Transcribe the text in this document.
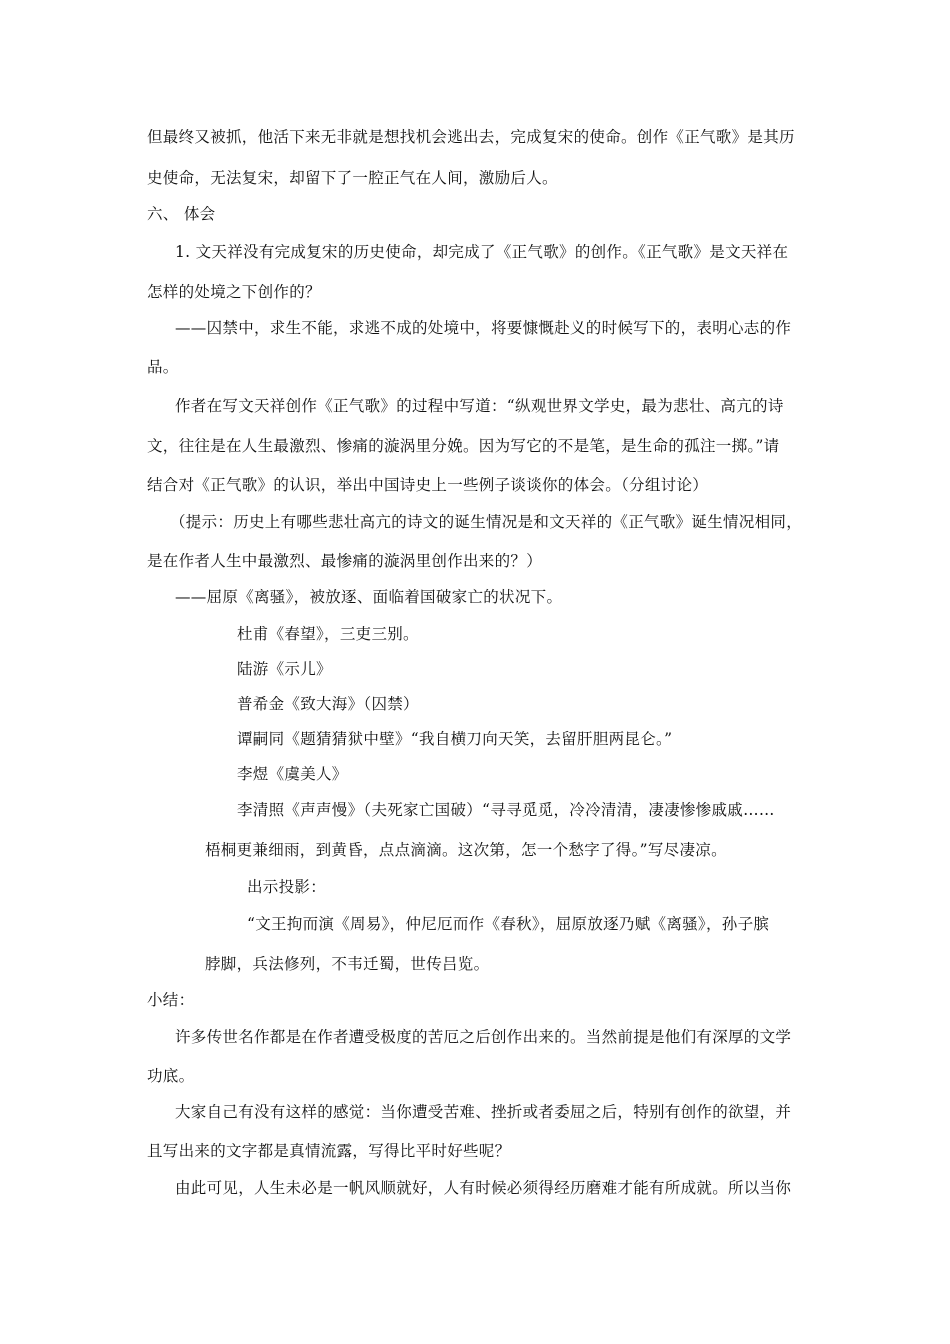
但最终又被抓，他活下来无非就是想找机会逃出去，完成复宋的使命。创作《正气歌》是其历
史使命，无法复宋，却留下了一腔正气在人间，激励后人。
六、 体会
1. 文天祥没有完成复宋的历史使命，却完成了《正气歌》的创作。《正气歌》是文天祥在
怎样的处境之下创作的？
——囚禁中，求生不能，求逃不成的处境中，将要慷慨赴义的时候写下的，表明心志的作
品。
作者在写文天祥创作《正气歌》的过程中写道：“纵观世界文学史，最为悲壮、高亢的诗
文，往往是在人生最激烈、惨痛的漩涡里分娩。因为写它的不是笔，是生命的孤注一掷。”请
结合对《正气歌》的认识，举出中国诗史上一些例子谈谈你的体会。（分组讨论）
（提示：历史上有哪些悲壮高亢的诗文的诞生情况是和文天祥的《正气歌》诞生情况相同，
是在作者人生中最激烈、最惨痛的漩涡里创作出来的？）
——屈原《离骚》，被放逐、面临着国破家亡的状况下。
杜甫《春望》，三吏三别。
陆游《示儿》
普希金《致大海》（囚禁）
谭嗣同《题猜猜狱中壁》“我自横刀向天笑，去留肝胆两昆仑。”
李煜《虞美人》
李清照《声声慢》（夫死家亡国破）“寻寻觅觅，冷冷清清，凄凄惨惨戚戚……
梧桐更兼细雨，到黄昏，点点滴滴。这次第，怎一个愁字了得。”写尽凄凉。
出示投影：
“文王拘而演《周易》，仲尼厄而作《春秋》，屈原放逐乃赋《离骚》，孙子膑
脖脚，兵法修列，不韦迁蜀，世传吕览。
小结：
许多传世名作都是在作者遭受极度的苦厄之后创作出来的。当然前提是他们有深厚的文学
功底。
大家自己有没有这样的感觉：当你遭受苦难、挫折或者委屈之后，特别有创作的欲望，并
且写出来的文字都是真情流露，写得比平时好些呢？
由此可见，人生未必是一帆风顺就好，人有时候必须得经历磨难才能有所成就。所以当你
